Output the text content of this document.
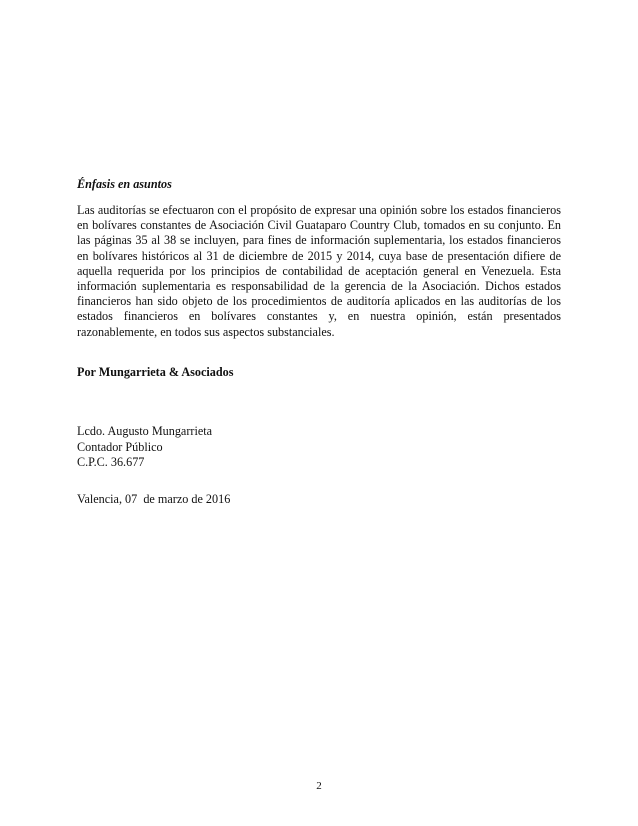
Énfasis en asuntos

Las auditorías se efectuaron con el propósito de expresar una opinión sobre los estados financieros en bolívares constantes de Asociación Civil Guataparo Country Club, tomados en su conjunto. En las páginas 35 al 38 se incluyen, para fines de información suplementaria, los estados financieros en bolívares históricos al 31 de diciembre de 2015 y 2014, cuya base de presentación difiere de aquella requerida por los principios de contabilidad de aceptación general en Venezuela. Esta información suplementaria es responsabilidad de la gerencia de la Asociación. Dichos estados financieros han sido objeto de los procedimientos de auditoría aplicados en las auditorías de los estados financieros en bolívares constantes y, en nuestra opinión, están presentados razonablemente, en todos sus aspectos substanciales.

Por Mungarrieta & Asociados

Lcdo. Augusto Mungarrieta

Contador Público

C.P.C. 36.677

Valencia, 07  de marzo de 2016

2
